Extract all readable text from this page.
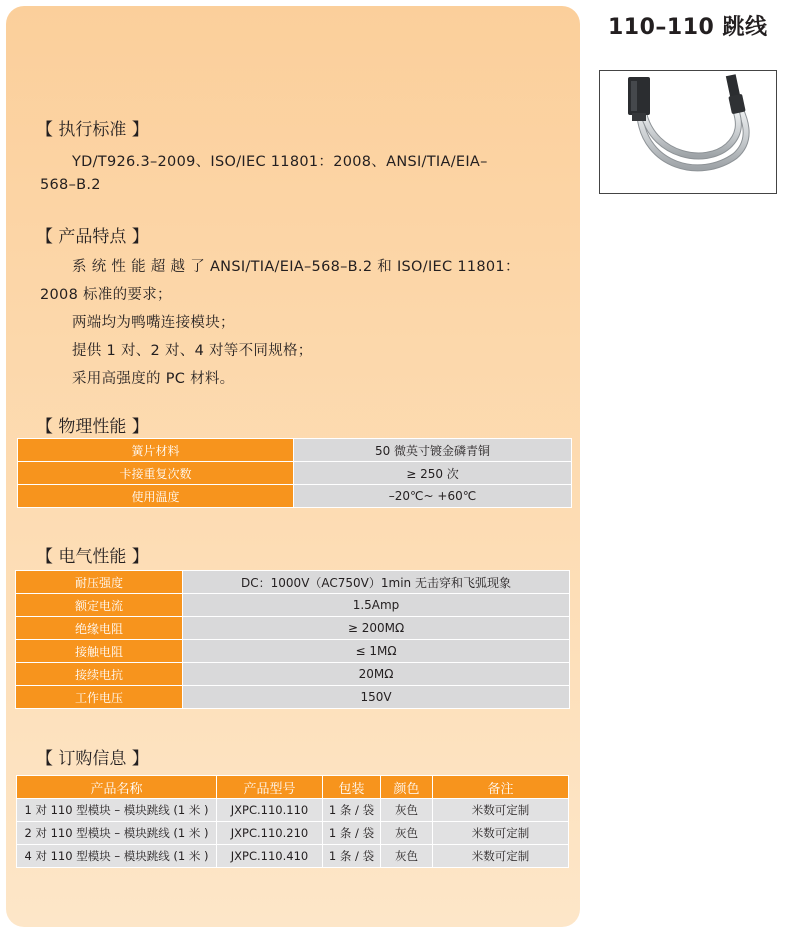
110–110 跳线
【 执行标准 】
YD/T926.3–2009、ISO/IEC 11801：2008、ANSI/TIA/EIA–
568–B.2
【 产品特点 】
系 统 性 能 超 越 了 ANSI/TIA/EIA–568–B.2 和 ISO/IEC 11801：
2008 标准的要求；
两端均为鸭嘴连接模块；
提供 1 对、2 对、4 对等不同规格；
采用高强度的 PC 材料。
【 物理性能 】
簧片材料	50 微英寸镀金磷青铜
卡接重复次数	≥ 250 次
使用温度	–20℃~ +60℃
【 电气性能 】
耐压强度	DC：1000V（AC750V）1min 无击穿和飞弧现象
额定电流	1.5Amp
绝缘电阻	≥ 200MΩ
接触电阻	≤ 1MΩ
接续电抗	20MΩ
工作电压	150V
【 订购信息 】
产品名称	产品型号	包装	颜色	备注
1 对 110 型模块 – 模块跳线 (1 米 )	JXPC.110.110	1 条 / 袋	灰色	米数可定制
2 对 110 型模块 – 模块跳线 (1 米 )	JXPC.110.210	1 条 / 袋	灰色	米数可定制
4 对 110 型模块 – 模块跳线 (1 米 )	JXPC.110.410	1 条 / 袋	灰色	米数可定制
